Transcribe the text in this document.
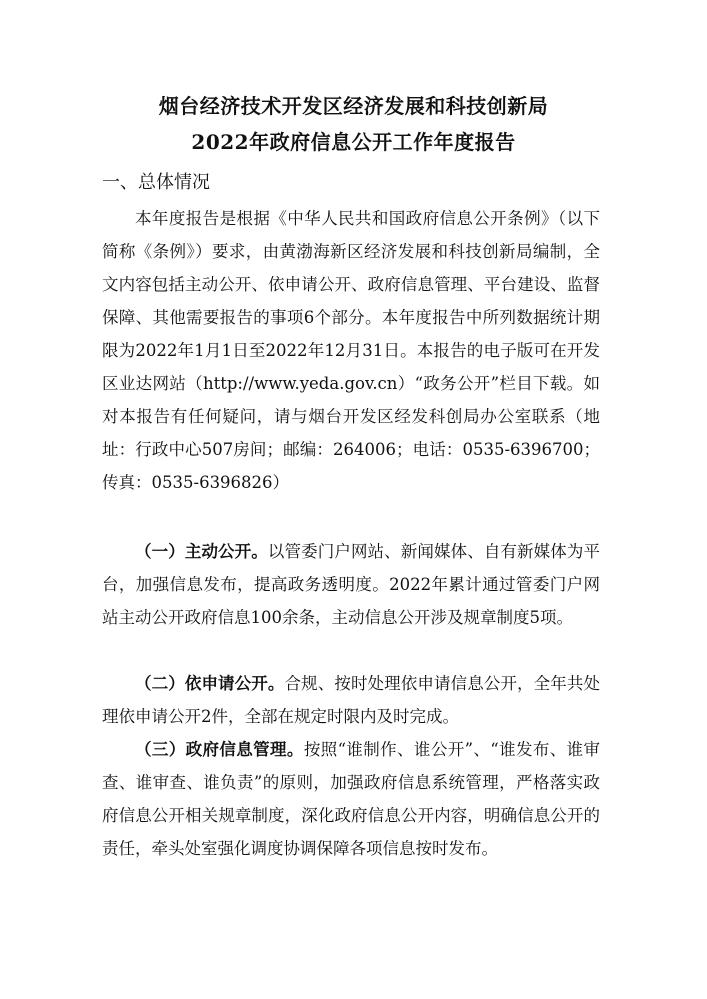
烟台经济技术开发区经济发展和科技创新局
2022年政府信息公开工作年度报告
一、总体情况

本年度报告是根据《中华人民共和国政府信息公开条例》（以下简称《条例》）要求，由黄渤海新区经济发展和科技创新局编制，全文内容包括主动公开、依申请公开、政府信息管理、平台建设、监督保障、其他需要报告的事项6个部分。本年度报告中所列数据统计期限为2022年1月1日至2022年12月31日。本报告的电子版可在开发区业达网站（http://www.yeda.gov.cn）“政务公开”栏目下载。如对本报告有任何疑问，请与烟台开发区经发科创局办公室联系（地址：行政中心507房间；邮编：264006；电话：0535-6396700；传真：0535-6396826）

（一）主动公开。以管委门户网站、新闻媒体、自有新媒体为平台，加强信息发布，提高政务透明度。2022年累计通过管委门户网站主动公开政府信息100余条，主动信息公开涉及规章制度5项。

（二）依申请公开。合规、按时处理依申请信息公开，全年共处理依申请公开2件，全部在规定时限内及时完成。

（三）政府信息管理。按照“谁制作、谁公开”、“谁发布、谁审查、谁审查、谁负责”的原则，加强政府信息系统管理，严格落实政府信息公开相关规章制度，深化政府信息公开内容，明确信息公开的责任，牵头处室强化调度协调保障各项信息按时发布。
